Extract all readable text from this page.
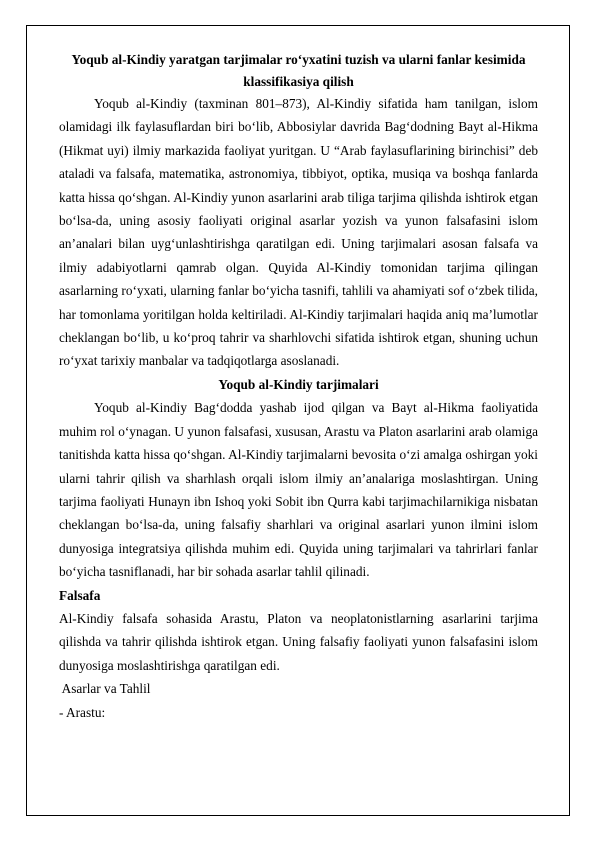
Yoqub al-Kindiy yaratgan tarjimalar ro‘yxatini tuzish va ularni fanlar kesimida klassifikasiya qilish

Yoqub al-Kindiy (taxminan 801–873), Al-Kindiy sifatida ham tanilgan, islom olamidagi ilk faylasuflardan biri bo‘lib, Abbosiylar davrida Bag‘dodning Bayt al-Hikma (Hikmat uyi) ilmiy markazida faoliyat yuritgan. U “Arab faylasuflarining birinchisi” deb ataladi va falsafa, matematika, astronomiya, tibbiyot, optika, musiqa va boshqa fanlarda katta hissa qo‘shgan. Al-Kindiy yunon asarlarini arab tiliga tarjima qilishda ishtirok etgan bo‘lsa-da, uning asosiy faoliyati original asarlar yozish va yunon falsafasini islom an’analari bilan uyg‘unlashtirishga qaratilgan edi. Uning tarjimalari asosan falsafa va ilmiy adabiyotlarni qamrab olgan. Quyida Al-Kindiy tomonidan tarjima qilingan asarlarning ro‘yxati, ularning fanlar bo‘yicha tasnifi, tahlili va ahamiyati sof o‘zbek tilida, har tomonlama yoritilgan holda keltiriladi. Al-Kindiy tarjimalari haqida aniq ma’lumotlar cheklangan bo‘lib, u ko‘proq tahrir va sharhlovchi sifatida ishtirok etgan, shuning uchun ro‘yxat tarixiy manbalar va tadqiqotlarga asoslanadi.

Yoqub al-Kindiy tarjimalari

Yoqub al-Kindiy Bag‘dodda yashab ijod qilgan va Bayt al-Hikma faoliyatida muhim rol o‘ynagan. U yunon falsafasi, xususan, Arastu va Platon asarlarini arab olamiga tanitishda katta hissa qo‘shgan. Al-Kindiy tarjimalarni bevosita o‘zi amalga oshirgan yoki ularni tahrir qilish va sharhlash orqali islom ilmiy an’analariga moslashtirgan. Uning tarjima faoliyati Hunayn ibn Ishoq yoki Sobit ibn Qurra kabi tarjimachilarnikiga nisbatan cheklangan bo‘lsa-da, uning falsafiy sharhlari va original asarlari yunon ilmini islom dunyosiga integratsiya qilishda muhim edi. Quyida uning tarjimalari va tahrirlari fanlar bo‘yicha tasniflanadi, har bir sohada asarlar tahlil qilinadi.

Falsafa

Al-Kindiy falsafa sohasida Arastu, Platon va neoplatonistlarning asarlarini tarjima qilishda va tahrir qilishda ishtirok etgan. Uning falsafiy faoliyati yunon falsafasini islom dunyosiga moslashtirishga qaratilgan edi.

Asarlar va Tahlil

- Arastu:
